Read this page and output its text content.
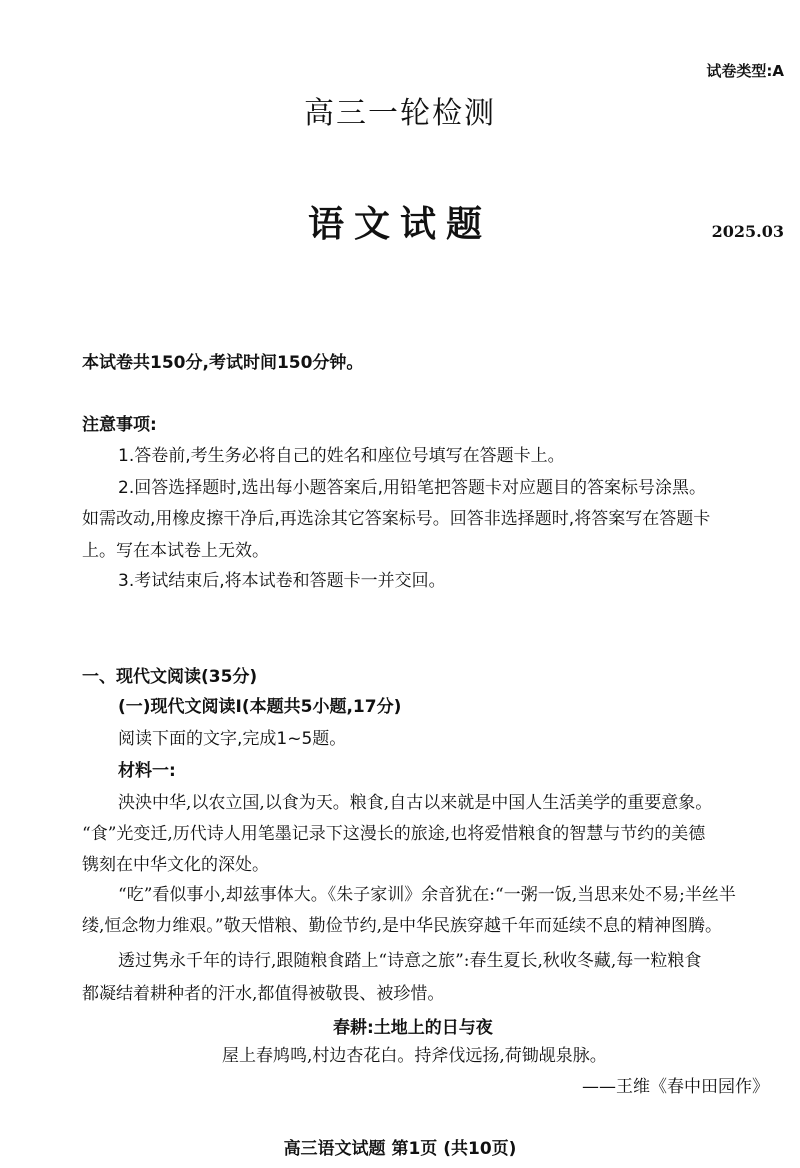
试卷类型:A
高三一轮检测
语文试题	2025.03
本试卷共150分,考试时间150分钟。
注意事项:
1.答卷前,考生务必将自己的姓名和座位号填写在答题卡上。
2.回答选择题时,选出每小题答案后,用铅笔把答题卡对应题目的答案标号涂黑。
如需改动,用橡皮擦干净后,再选涂其它答案标号。回答非选择题时,将答案写在答题卡
上。写在本试卷上无效。
3.考试结束后,将本试卷和答题卡一并交回。
一、现代文阅读(35分)
(一)现代文阅读I(本题共5小题,17分)
阅读下面的文字,完成1~5题。
材料一:
泱泱中华,以农立国,以食为天。粮食,自古以来就是中国人生活美学的重要意象。
“食”光变迁,历代诗人用笔墨记录下这漫长的旅途,也将爱惜粮食的智慧与节约的美德
镌刻在中华文化的深处。
“吃”看似事小,却兹事体大。《朱子家训》余音犹在:“一粥一饭,当思来处不易;半丝半
缕,恒念物力维艰。”敬天惜粮、勤俭节约,是中华民族穿越千年而延续不息的精神图腾。
透过隽永千年的诗行,跟随粮食踏上“诗意之旅”:春生夏长,秋收冬藏,每一粒粮食
都凝结着耕种者的汗水,都值得被敬畏、被珍惜。
春耕:土地上的日与夜
屋上春鸠鸣,村边杏花白。持斧伐远扬,荷锄觇泉脉。
——王维《春中田园作》
高三语文试题 第1页 (共10页)
